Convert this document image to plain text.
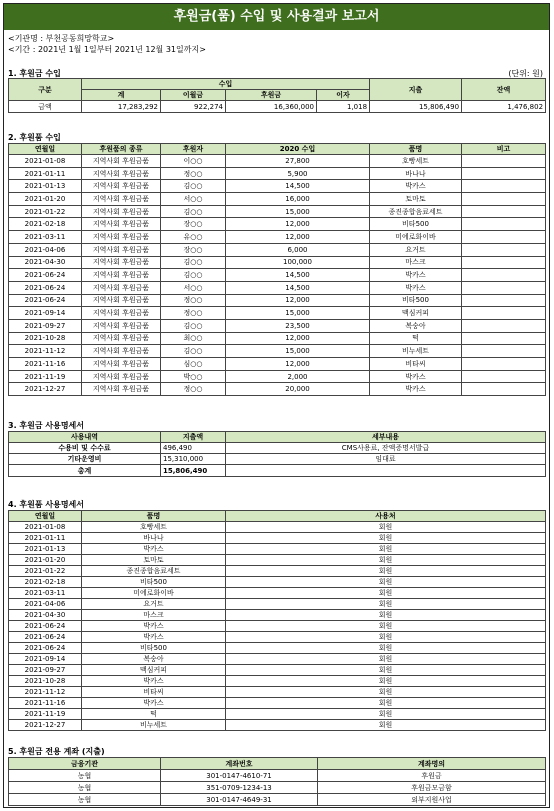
후원금(품) 수입 및 사용결과 보고서
<기관명 : 부천공동희망학교>
<기간 : 2021년 1월 1일부터 2021년 12월 31일까지>
1. 후원금 수입	(단위: 원)
구분	수입				지출	잔액
	계	이월금	후원금	이자		
금액	17,283,292	922,274	16,360,000	1,018	15,806,490	1,476,802
2. 후원품 수입
연월일	후원품의 종류	후원자	2020 수입	품명	비고
2021-01-08	지역사회 후원금품	이○○	27,800	호빵세트	
2021-01-11	지역사회 후원금품	정○○	5,900	바나나	
2021-01-13	지역사회 후원금품	김○○	14,500	박카스	
2021-01-20	지역사회 후원금품	서○○	16,000	토마토	
2021-01-22	지역사회 후원금품	김○○	15,000	종진종합음료세트	
2021-02-18	지역사회 후원금품	장○○	12,000	비타500	
2021-03-11	지역사회 후원금품	유○○	12,000	미에로화이바	
2021-04-06	지역사회 후원금품	장○○	6,000	요거트	
2021-04-30	지역사회 후원금품	김○○	100,000	마스크	
2021-06-24	지역사회 후원금품	김○○	14,500	박카스	
2021-06-24	지역사회 후원금품	서○○	14,500	박카스	
2021-06-24	지역사회 후원금품	정○○	12,000	비타500	
2021-09-14	지역사회 후원금품	정○○	15,000	맥심커피	
2021-09-27	지역사회 후원금품	김○○	23,500	복숭아	
2021-10-28	지역사회 후원금품	최○○	12,000	떡	
2021-11-12	지역사회 후원금품	김○○	15,000	비누세트	
2021-11-16	지역사회 후원금품	심○○	12,000	비타씨	
2021-11-19	지역사회 후원금품	박○○	2,000	박카스	
2021-12-27	지역사회 후원금품	정○○	20,000	박카스	
3. 후원금 사용명세서
사용내역	지출액	세부내용
수용비 및 수수료	496,490	CMS사용료, 잔액증명서발급
기타운영비	15,310,000	임대료
총계	15,806,490	
4. 후원품 사용명세서
연월일	품명	사용처
2021-01-08	호빵세트	회원
2021-01-11	바나나	회원
2021-01-13	박카스	회원
2021-01-20	토마토	회원
2021-01-22	종진종합음료세트	회원
2021-02-18	비타500	회원
2021-03-11	미에로화이바	회원
2021-04-06	요거트	회원
2021-04-30	마스크	회원
2021-06-24	박카스	회원
2021-06-24	박카스	회원
2021-06-24	비타500	회원
2021-09-14	복숭아	회원
2021-09-27	맥심커피	회원
2021-10-28	박카스	회원
2021-11-12	비타씨	회원
2021-11-16	박카스	회원
2021-11-19	떡	회원
2021-12-27	비누세트	회원
5. 후원금 전용 계좌 (지출)
금융기관	계좌번호	계좌명의
농협	301-0147-4610-71	후원금
농협	351-0709-1234-13	후원금모금함
농협	301-0147-4649-31	외부지원사업
